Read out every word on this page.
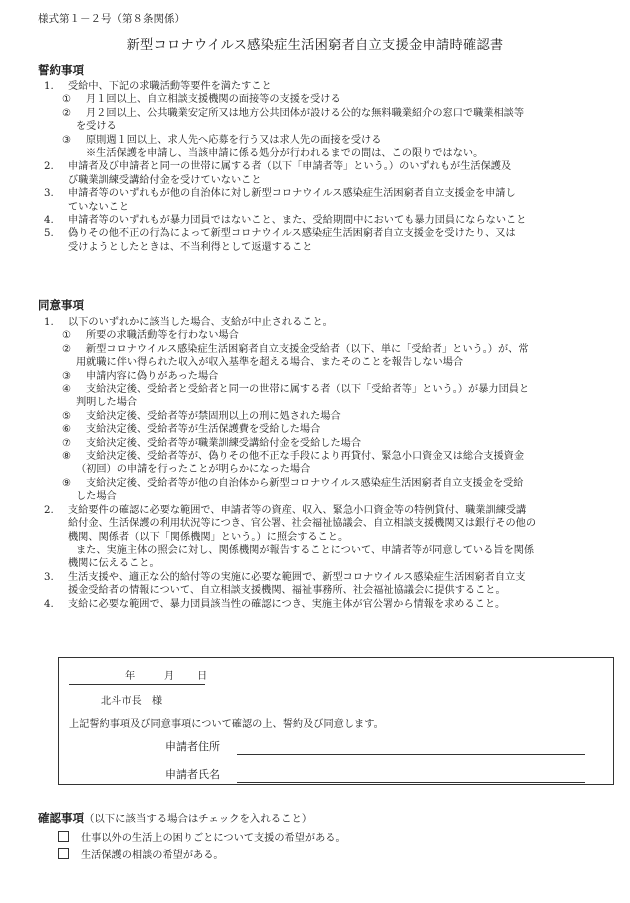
様式第１－２号（第８条関係）
新型コロナウイルス感染症生活困窮者自立支援金申請時確認書
誓約事項
1.	受給中、下記の求職活動等要件を満たすこと
①	月１回以上、自立相談支援機関の面接等の支援を受ける
②	月２回以上、公共職業安定所又は地方公共団体が設ける公的な無料職業紹介の窓口で職業相談等
を受ける
③	原則週１回以上、求人先へ応募を行う又は求人先の面接を受ける
※生活保護を申請し、当該申請に係る処分が行われるまでの間は、この限りではない。
2.	申請者及び申請者と同一の世帯に属する者（以下「申請者等」という。）のいずれもが生活保護及
び職業訓練受講給付金を受けていないこと
3.	申請者等のいずれもが他の自治体に対し新型コロナウイルス感染症生活困窮者自立支援金を申請し
ていないこと
4.	申請者等のいずれもが暴力団員ではないこと、また、受給期間中においても暴力団員にならないこと
5.	偽りその他不正の行為によって新型コロナウイルス感染症生活困窮者自立支援金を受けたり、又は
受けようとしたときは、不当利得として返還すること
同意事項
1.	以下のいずれかに該当した場合、支給が中止されること。
①	所要の求職活動等を行わない場合
②	新型コロナウイルス感染症生活困窮者自立支援金受給者（以下、単に「受給者」という。）が、常
用就職に伴い得られた収入が収入基準を超える場合、またそのことを報告しない場合
③	申請内容に偽りがあった場合
④	支給決定後、受給者と受給者と同一の世帯に属する者（以下「受給者等」という。）が暴力団員と
判明した場合
⑤	支給決定後、受給者等が禁固刑以上の刑に処された場合
⑥	支給決定後、受給者等が生活保護費を受給した場合
⑦	支給決定後、受給者等が職業訓練受講給付金を受給した場合
⑧	支給決定後、受給者等が、偽りその他不正な手段により再貸付、緊急小口資金又は総合支援資金
（初回）の申請を行ったことが明らかになった場合
⑨	支給決定後、受給者等が他の自治体から新型コロナウイルス感染症生活困窮者自立支援金を受給
した場合
2.	支給要件の確認に必要な範囲で、申請者等の資産、収入、緊急小口資金等の特例貸付、職業訓練受講
給付金、生活保護の利用状況等につき、官公署、社会福祉協議会、自立相談支援機関又は銀行その他の
機関、関係者（以下「関係機関」という。）に照会すること。
また、実施主体の照会に対し、関係機関が報告することについて、申請者等が同意している旨を関係
機関に伝えること。
3.	生活支援や、適正な公的給付等の実施に必要な範囲で、新型コロナウイルス感染症生活困窮者自立支
援金受給者の情報について、自立相談支援機関、福祉事務所、社会福祉協議会に提供すること。
4.	支給に必要な範囲で、暴力団員該当性の確認につき、実施主体が官公署から情報を求めること。
年	月 日
北斗市長　様
上記誓約事項及び同意事項について確認の上、誓約及び同意します。
申請者住所
申請者氏名
確認事項（以下に該当する場合はチェックを入れること）
仕事以外の生活上の困りごとについて支援の希望がある。
生活保護の相談の希望がある。
